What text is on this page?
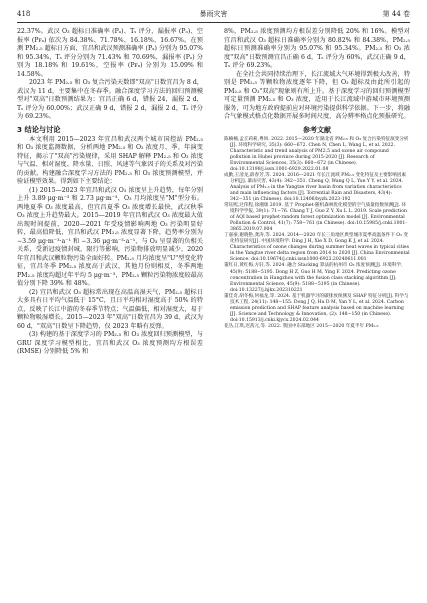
418	暴雨灾害	第 44 卷

22.37%。武汉 O₃ 超标日准确率 (Pₐ)、Tₛ 评分、漏报率 (Pₒ)、空报率 (Pꜰₐ) 依次为 84.38%、71.78%、16.18%、16.67%。在预测 PM₂.₅ 超标日方面，宜昌和武汉预测准确率 (Pₐ) 分别为 95.07% 和 95.34%，Tₛ 评分分别为 71.43% 和 70.69%，漏报率 (Pₒ) 分别为 18.18% 和 19.61%，空报率 (Pꜰₐ) 分别为 15.09% 和 14.58%。

2023 年 PM₂.₅ 和 O₃ 复合污染天数即"双高"日数宜昌为 8 d，武汉为 11 d，主要集中在冬春季。融合深度学习方法的回归预测模型对"双高"日数预测结果为：宜昌正确 6 d，错报 24，漏报 2 d，Tₛ 评分为 60.00%；武汉正确 9 d，错报 2 d，漏报 2 d，Tₛ 评分为 69.23%。

3 结论与讨论

本文利用 2015—2023 年宜昌和武汉两个城市国控站 PM₂.₅ 和 O₃ 浓度监测数据，分析两地 PM₂.₅ 和 O₃ 浓度月、季、年演变特征，揭示了"双高"污染规律，采用 SHAP 解释 PM₂.₅ 和 O₃ 浓度与气温、相对湿度、降水量、日照、风速等气象因子的关系及对污染的贡献，构建融合深度学习方法的 PM₂.₅ 和 O₃ 浓度预测模型，并验证模型效果。得到如下主要结论：

(1) 2015—2023 年宜昌和武汉 O₃ 浓度呈上升趋势，每年分别上升 3.89 μg·m⁻³ 和 2.73 μg·m⁻³，O₃ 月均浓度呈"M"型分布。两地夏季 O₃ 浓度最高，但宜昌夏季 O₃ 浓度增长最快，武汉秋季 O₃ 浓度上升趋势最大。2015—2019 年宜昌和武汉 O₃ 浓度最大值出现时间提前，2020—2021 年受疫情影响两地 O₃ 污染明显好转，最高值降低，宜昌和武汉 PM₂.₅ 浓度显著下降，趋势率分别为 −3.59 μg·m⁻³·a⁻¹ 和 −3.36 μg·m⁻³·a⁻¹，与 O₃ 呈显著的负相关关系，受新冠疫情封城、限行等影响，污染物排放明显减少，2020 年宜昌和武汉颗粒物污染全面好转。PM₂.₅ 月均浓度呈"U"型变化特征，宜昌冬季 PM₂.₅ 浓度高于武汉，其他月份则相反，冬季两地 PM₂.₅ 浓度均超过年平均 5 μg·m⁻³，PM₂.₅ 颗粒污染物浓度较最高值分别下降 39% 和 48%。

(2) 宜昌和武汉 O₃ 超标常出现在高温高湿天气，PM₂.₅ 超标日大多具有日平均气温低于 15°C，且日平均相对湿度高于 50% 的特点，反映了长江中游的冬春季节特点；气温偏低，相对湿度大，易于颗粒物吸湿增长。2015—2023 年"双高"日数宜昌为 39 d，武汉为 60 d，"双高"日数呈下降趋势，仅 2023 年略有反弹。

(3) 构建的基于深度学习的 PM₂.₅ 和 O₃ 浓度回归预测模型，与 GRU 深度学习模型相比，宜昌和武汉 O₃ 浓度预测均方根误差 (RMSE) 分别降低 5% 和

8%，PM₂.₅ 浓度预测均方根误差分别降低 20% 和 16%。模型对宜昌和武汉 O₃ 超标日准确率分别为 80.82% 和 84.38%，PM₂.₅ 超标日预测准确率分别为 95.07% 和 95.34%。PM₂.₅ 和 O₃ 浓度"双高"日数预测宜昌正确 6 d，Tₛ 评分为 60%，武汉正确 9 d，Tₛ 评分 69.23%。

在全社会共同持续治理下，长江流域大气环境得到极大改善，特别是 PM₂.₅ 等颗粒物浓度逐年下降，但 O₃ 超标及由此所引起的 PM₂.₅ 和 O₃"双高"现象则有所上升。基于深度学习的回归预测模型可定量预测 PM₂.₅ 和 O₃ 浓度，适用于长江流域中游城市环境预测服务，可为地方政府提前应对环境污染提供科学依据。下一步，将融合气象模式格点化数据开展多时间尺度、高分辨率格点化预报研究。

参考文献

陈楠楠,孟丘莉莉,粤斑. 2022. 2015—2020 年湖北省 PM₂.₅ 和 O₃ 复合污染特征演变分析[J]. 环境科学研究, 35(3): 660−672. Chen N, Chen L, Wang L, et al. 2022. Characteristic and trend analysis of PM2.5 and ozone air compound pollution in Hubei province during 2015-2020 [J]. Research of Environmental Sciences, 35(3): 660−672 (in Chinese). doi:10.13198/j.issn.1001-6929.2022.01.08

成勤,王清龙,薛春芳,等. 2024. 2016—2021 年长江流域 PM₂.₅ 变化特征及主要影响因素分析[J]. 暴雨灾害, 43(4): 342−351. Cheng Q, Wang Q L, Yue Y Y, et al. 2024. Analysis of PM₂.₅ in the Yangtze river basin from variation characteristics and main influencing factors [J]. Torrential Rain and Disasters, 43(4): 342−351 (in Chinese). doi:10.12406/byzh.2023-192

常钰熙,过伟程,徐湘康 2019. 基于 Prophet-随机森林优化模型的空气质量指数预测[J]. 环境科学学报, 39(1): 71−76. Chang T J, Guo Z Y, Xu L L. 2019. Scale prediction of AQI based prophet-random forest optimization model [J]. Environmental Pollution & Control, 41(7): 758−761 (in Chinese). doi:10.15985/j.cnki.1001-3865.2019.07.004

丁嘉豪,谢晓艳,龚涛,等. 2024. 2014—2020 年长三角地区典型城市夏季高温条件下 O₃ 变化特征研究[J]. 中国环境科学. Ding J H, Xie X D, Gong K J, et al. 2024. Characteristics of ozone changes during summer heat waves in typical cities in the Yangtze river delta region from 2014 to 2020 [J]. China Environmental Science. doi:10.19674/j.cnki.issn1000-6923.20240611.001

董红日,黄红梅,方轩,等. 2024. 融合 Stacking 算法的杭州市 O₃ 浓度预测[J]. 环境科学, 45(9): 5188−5195. Dong H Z, Guo H M, Ying F. 2024. Predicting ozone concentration in Hangzhou with the fusion class stacking algorithm [J]. Environmental Science, 45(9): 5188−5195 (in Chinese). doi:10.13227/j.hjkx.202310221

董佳奇,胡冬梅,何福龙,等. 2024. 基于机器学习的碳排放预测及 SHAP 特征分析[J]. 科学与技术工程, 24(11): 148−155. Dong J Q, Hu D M, Yan Y L, et al. 2024. Carbon emission prediction and SHAP feature analysis based on machine learning [J]. Science and Technology & Innovation, (2): 148−150 (in Chinese). doi:10.15913/j.cnki.kjycx.2024.02.044

花丛,江琪,迟茜元,等. 2022. 我国中东部地区 2015—2020 年夏半年 PM₂.₅
